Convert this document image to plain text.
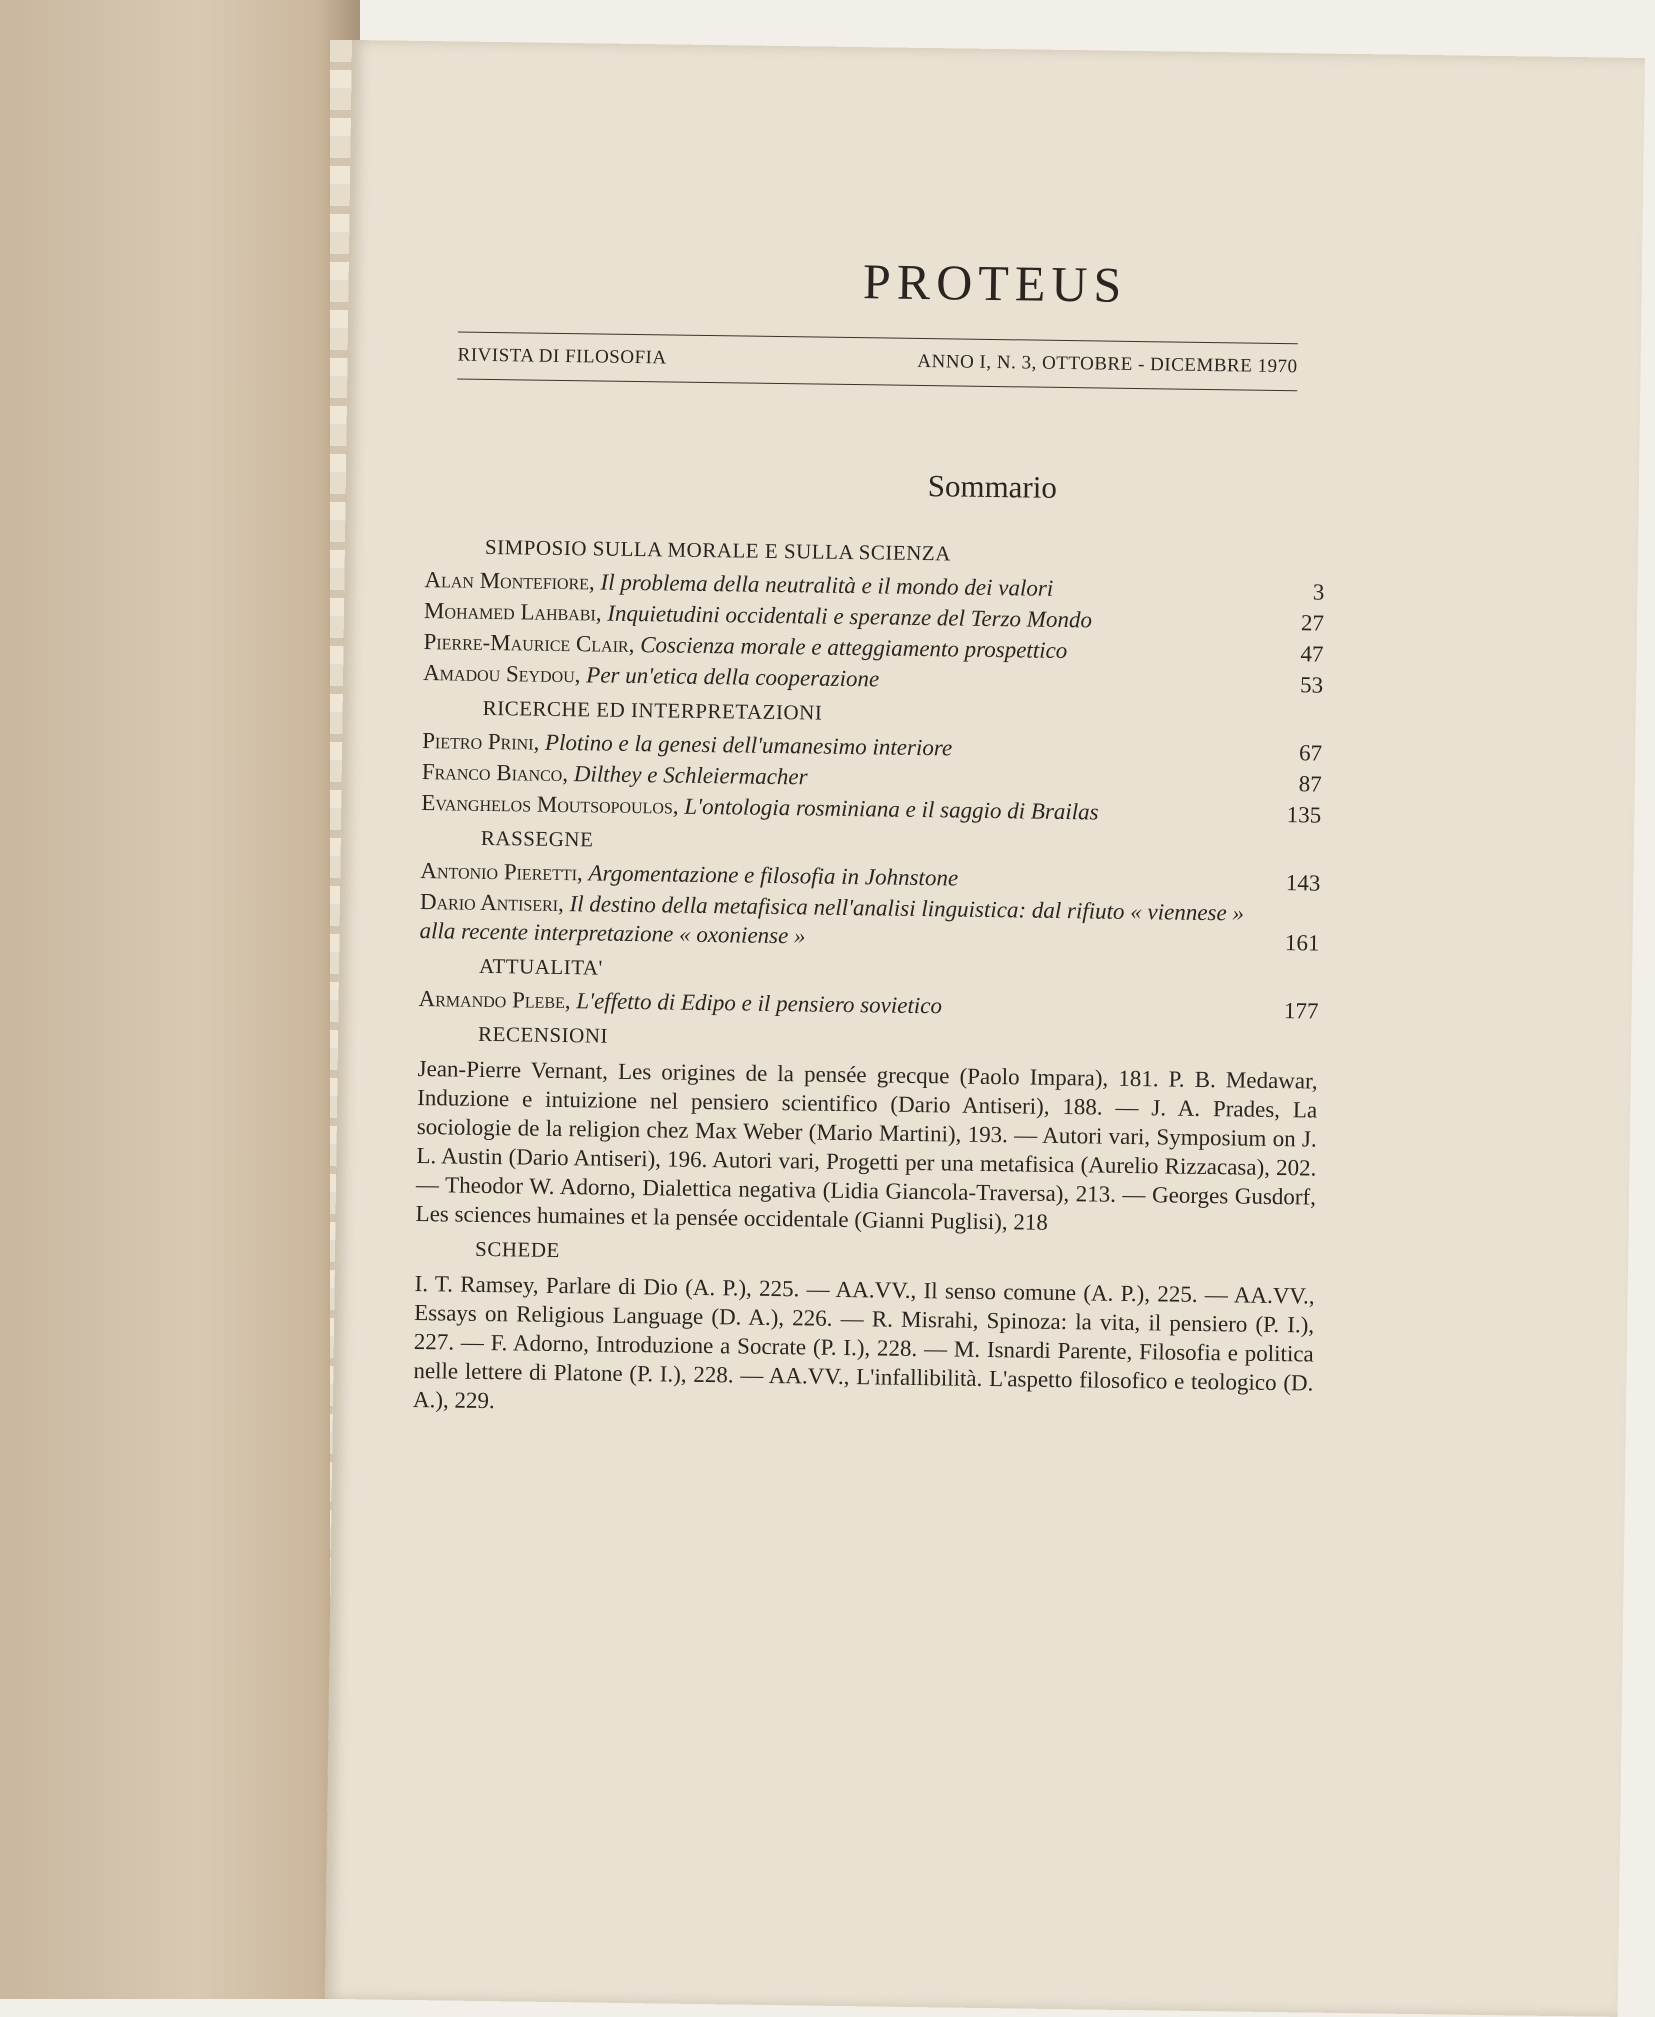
PROTEUS
RIVISTA DI FILOSOFIA	ANNO I, N. 3, OTTOBRE - DICEMBRE 1970
Sommario
SIMPOSIO SULLA MORALE E SULLA SCIENZA
Alan Montefiore, Il problema della neutralità e il mondo dei valori	3
Mohamed Lahbabi, Inquietudini occidentali e speranze del Terzo Mondo	27
Pierre-Maurice Clair, Coscienza morale e atteggiamento prospettico	47
Amadou Seydou, Per un'etica della cooperazione	53
RICERCHE ED INTERPRETAZIONI
Pietro Prini, Plotino e la genesi dell'umanesimo interiore	67
Franco Bianco, Dilthey e Schleiermacher	87
Evanghelos Moutsopoulos, L'ontologia rosminiana e il saggio di Brailas	135
RASSEGNE
Antonio Pieretti, Argomentazione e filosofia in Johnstone	143
Dario Antiseri, Il destino della metafisica nell'analisi linguistica: dal rifiuto « viennese » alla recente interpretazione « oxoniense »	161
ATTUALITA'
Armando Plebe, L'effetto di Edipo e il pensiero sovietico	177
RECENSIONI
Jean-Pierre Vernant, Les origines de la pensée grecque (Paolo Impara), 181. P. B. Medawar, Induzione e intuizione nel pensiero scientifico (Dario Antiseri), 188. — J. A. Prades, La sociologie de la religion chez Max Weber (Mario Martini), 193. — Autori vari, Symposium on J. L. Austin (Dario Antiseri), 196. Autori vari, Progetti per una metafisica (Aurelio Rizzacasa), 202. — Theodor W. Adorno, Dialettica negativa (Lidia Giancola-Traversa), 213. — Georges Gusdorf, Les sciences humaines et la pensée occidentale (Gianni Puglisi), 218
SCHEDE
I. T. Ramsey, Parlare di Dio (A. P.), 225. — AA.VV., Il senso comune (A. P.), 225. — AA.VV., Essays on Religious Language (D. A.), 226. — R. Misrahi, Spinoza: la vita, il pensiero (P. I.), 227. — F. Adorno, Introduzione a Socrate (P. I.), 228. — M. Isnardi Parente, Filosofia e politica nelle lettere di Platone (P. I.), 228. — AA.VV., L'infallibilità. L'aspetto filosofico e teologico (D. A.), 229.
